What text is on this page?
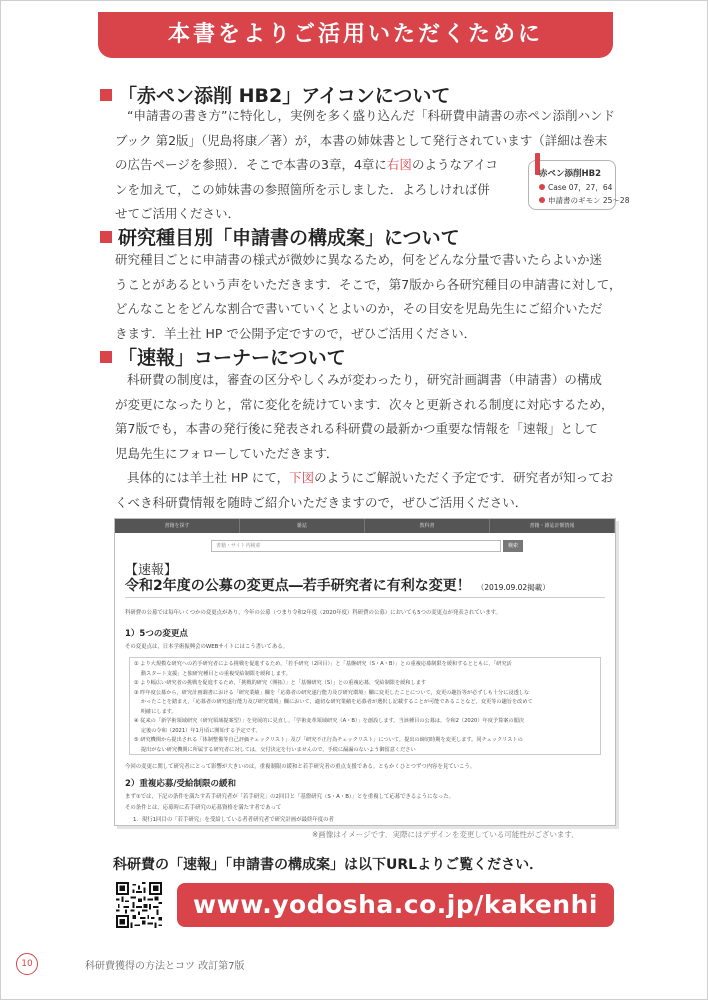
本書をよりご活用いただくために
「赤ペン添削 HB2」アイコンについて
“申請書の書き方”に特化し，実例を多く盛り込んだ「科研費申請書の赤ペン添削ハンド
ブック 第2版」（児島将康／著）が，本書の姉妹書として発行されています（詳細は巻末
の広告ページを参照）．そこで本書の3章，4章に右図のようなアイコ
ンを加えて，この姉妹書の参照箇所を示しました．よろしければ併
せてご活用ください．
赤ペン添削HB2
Case 07，27，64
申請書のギモン 25～28
研究種目別「申請書の構成案」について
研究種目ごとに申請書の様式が微妙に異なるため，何をどんな分量で書いたらよいか迷
うことがあるという声をいただきます．そこで，第7版から各研究種目の申請書に対して，
どんなことをどんな割合で書いていくとよいのか，その目安を児島先生にご紹介いただ
きます．羊土社 HP で公開予定ですので，ぜひご活用ください．
「速報」コーナーについて
科研費の制度は，審査の区分やしくみが変わったり，研究計画調書（申請書）の構成
が変更になったりと，常に変化を続けています．次々と更新される制度に対応するため，
第7版でも，本書の発行後に発表される科研費の最新かつ重要な情報を「速報」として
児島先生にフォローしていただきます．
具体的には羊土社 HP にて，下図のようにご解説いただく予定です．研究者が知ってお
くべき科研費情報を随時ご紹介いただきますので，ぜひご活用ください．
書籍を探す	雑誌	教科書	書籍・雑誌計額情報
書籍・サイト内検索	検索
【速報】
令和2年度の公募の変更点―若手研究者に有利な変更！ （2019.09.02掲載）
科研費の公募では毎年いくつかの変更点があり，今年の公募（つまり令和2年度（2020年度）科研費の公募）においても5つの変更点が発表されています。
1）5つの変更点
その変更点は，日本学術振興会のWEBサイトにはこう書いてある。
① より大規模な研究への若手研究者による挑戦を促進するため，「若手研究（2回目）」と「基盤研究（S・A・B）」との重複応募制限を緩和するとともに，「研究活
　 動スタート支援」と独研究種目との重複受給制限を緩和します。
② より幅広い研究者の挑戦を促進するため，「挑戦的研究（開拓）」と「基盤研究（S）」との重複応募，受給制限を緩和します
③ 昨年度公募から，研究計画調書における「研究業績」欄を「応募者の研究遂行能力及び研究環境」欄に変更したことについて，変更の趣旨等が必ずしも十分に浸透しな
　 かったことを踏まえ，「応募者の研究遂行能力及び研究環境」欄において，適切な研究業績を応募者が選択し記載することが可能であることなど，変更等の趣旨を改めて
　 明確にします。
④ 従来の「新学術領域研究（研究領域提案型）」を発展的に見直し，「学術変革領域研究（A・B）」を創設します。当該種目の公募は，令和2（2020）年度予算案の閣決
　 定後の令和（2021）年1月頃に開始する予定です。
⑤ 研究機関から提出される「体制整備等自己評価チェックリスト」及び「研究不正行為チェックリスト」について，提出の締切時期を変更します。同チェックリストの
　 提出がない研究機関に所属する研究者に対しては，交付決定を行いませんので，手続に漏漏のないよう御留意ください
今回の変更に関して研究者にとって影響が大きいのは，重複制限の緩和と若手研究者の重点支援である。ともかくひとつずつ内容を見ていこう。
2）重複応募/受給制限の緩和
まず①では，下記の条件を満たす若手研究者が「若手研究」の2回目と「基盤研究（S・A・B）」とを重複して応募できるようになった。
その条件とは，応募時に若手研究の応募資格を満たす者であって
1．現行1回目の「若手研究」を受給している者者研究者で研究計画が最終年度の者
※画像はイメージです．実際にはデザインを変更している可能性がございます．
科研費の「速報」「申請書の構成案」は以下URLよりご覧ください．
www.yodosha.co.jp/kakenhi
10	科研費獲得の方法とコツ 改訂第7版
